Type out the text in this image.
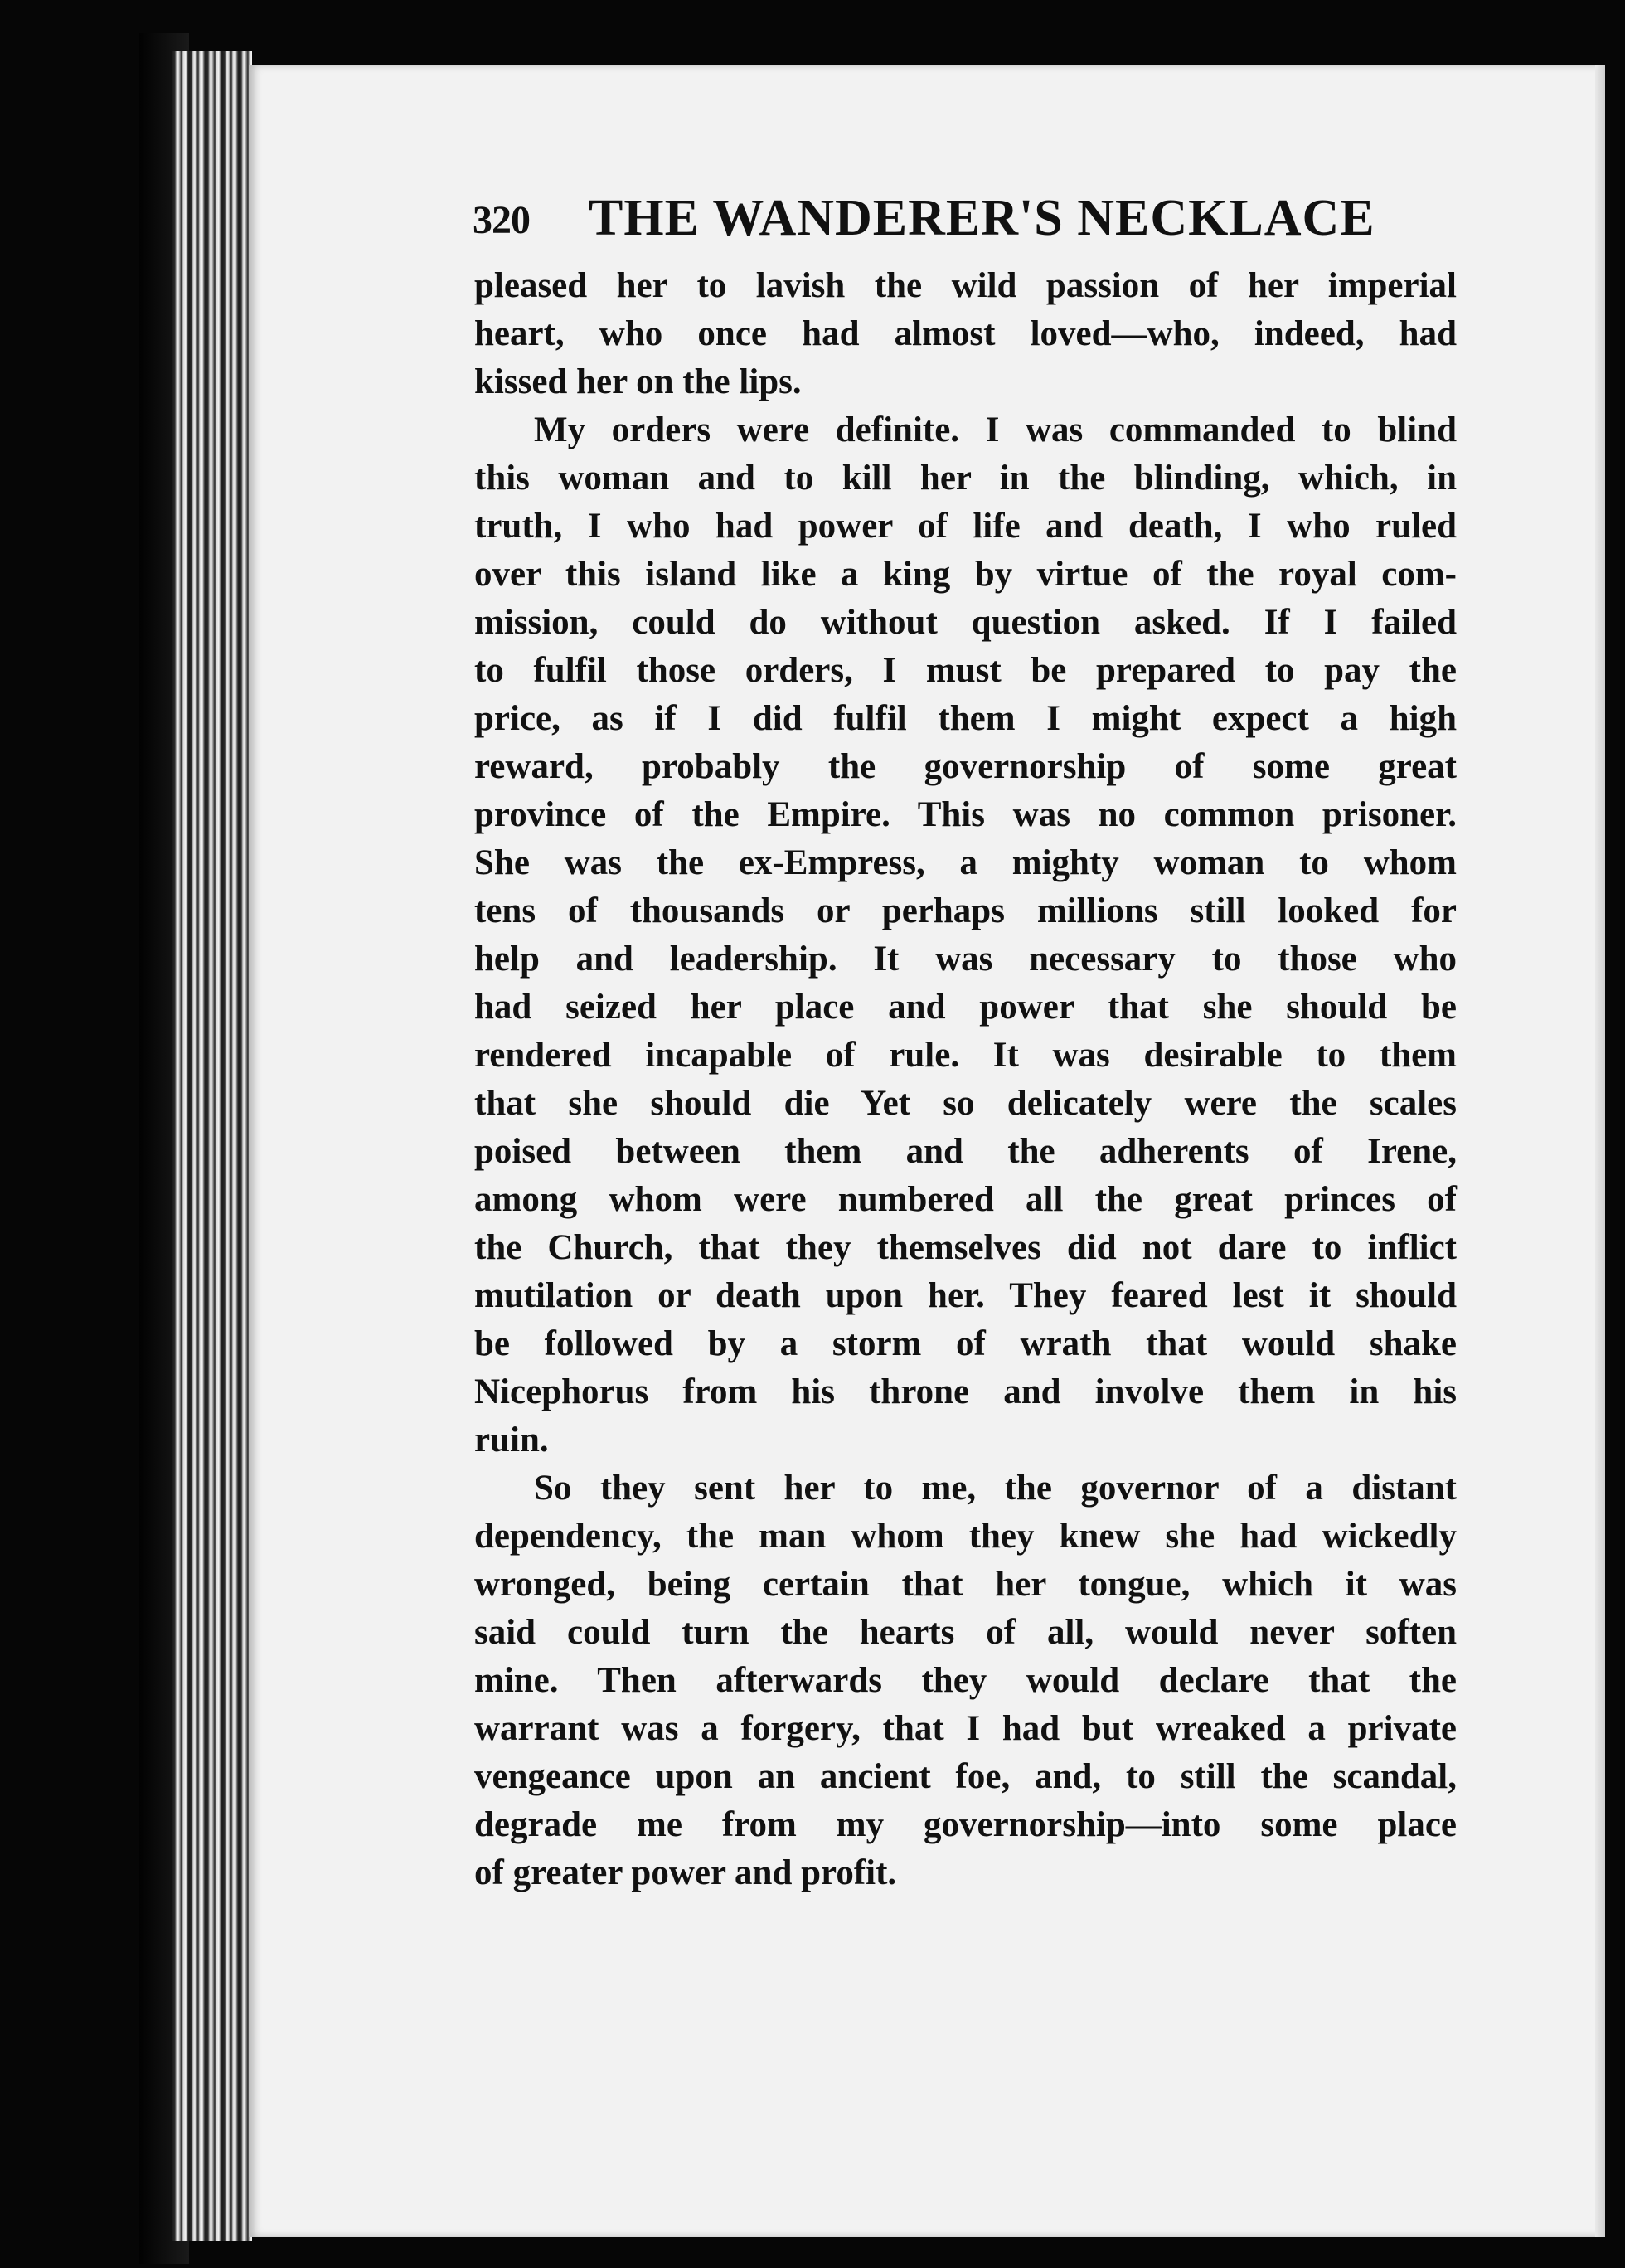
320 THE WANDERER'S NECKLACE
pleased her to lavish the wild passion of her imperial
heart, who once had almost loved—who, indeed, had
kissed her on the lips.
My orders were definite. I was commanded to blind
this woman and to kill her in the blinding, which, in
truth, I who had power of life and death, I who ruled
over this island like a king by virtue of the royal com-
mission, could do without question asked. If I failed
to fulfil those orders, I must be prepared to pay the
price, as if I did fulfil them I might expect a high
reward, probably the governorship of some great
province of the Empire. This was no common prisoner.
She was the ex-Empress, a mighty woman to whom
tens of thousands or perhaps millions still looked for
help and leadership. It was necessary to those who
had seized her place and power that she should be
rendered incapable of rule. It was desirable to them
that she should die Yet so delicately were the scales
poised between them and the adherents of Irene,
among whom were numbered all the great princes of
the Church, that they themselves did not dare to inflict
mutilation or death upon her. They feared lest it should
be followed by a storm of wrath that would shake
Nicephorus from his throne and involve them in his
ruin.
So they sent her to me, the governor of a distant
dependency, the man whom they knew she had wickedly
wronged, being certain that her tongue, which it was
said could turn the hearts of all, would never soften
mine. Then afterwards they would declare that the
warrant was a forgery, that I had but wreaked a private
vengeance upon an ancient foe, and, to still the scandal,
degrade me from my governorship—into some place
of greater power and profit.
